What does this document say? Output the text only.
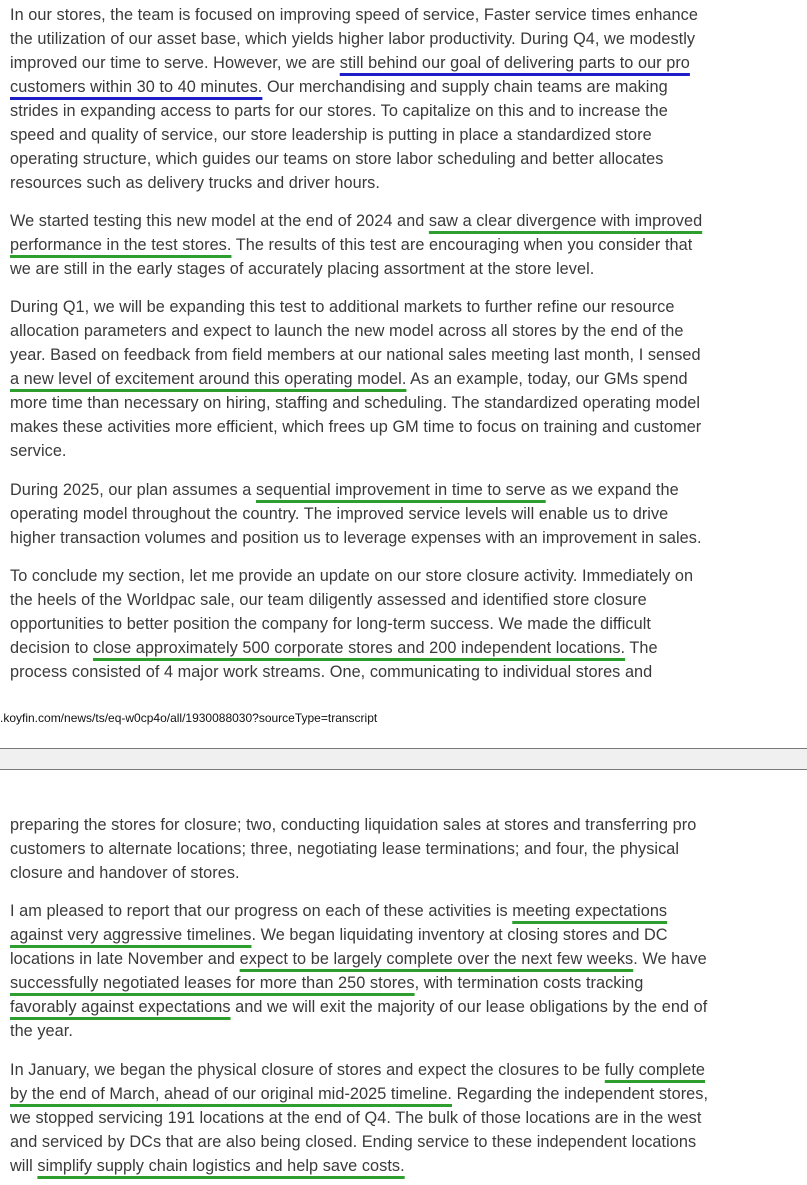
In our stores, the team is focused on improving speed of service, Faster service times enhance
the utilization of our asset base, which yields higher labor productivity. During Q4, we modestly
improved our time to serve. However, we are still behind our goal of delivering parts to our pro
customers within 30 to 40 minutes. Our merchandising and supply chain teams are making
strides in expanding access to parts for our stores. To capitalize on this and to increase the
speed and quality of service, our store leadership is putting in place a standardized store
operating structure, which guides our teams on store labor scheduling and better allocates
resources such as delivery trucks and driver hours.
We started testing this new model at the end of 2024 and saw a clear divergence with improved
performance in the test stores. The results of this test are encouraging when you consider that
we are still in the early stages of accurately placing assortment at the store level.
During Q1, we will be expanding this test to additional markets to further refine our resource
allocation parameters and expect to launch the new model across all stores by the end of the
year. Based on feedback from field members at our national sales meeting last month, I sensed
a new level of excitement around this operating model. As an example, today, our GMs spend
more time than necessary on hiring, staffing and scheduling. The standardized operating model
makes these activities more efficient, which frees up GM time to focus on training and customer
service.
During 2025, our plan assumes a sequential improvement in time to serve as we expand the
operating model throughout the country. The improved service levels will enable us to drive
higher transaction volumes and position us to leverage expenses with an improvement in sales.
To conclude my section, let me provide an update on our store closure activity. Immediately on
the heels of the Worldpac sale, our team diligently assessed and identified store closure
opportunities to better position the company for long-term success. We made the difficult
decision to close approximately 500 corporate stores and 200 independent locations. The
process consisted of 4 major work streams. One, communicating to individual stores and
.koyfin.com/news/ts/eq-w0cp4o/all/1930088030?sourceType=transcript
preparing the stores for closure; two, conducting liquidation sales at stores and transferring pro
customers to alternate locations; three, negotiating lease terminations; and four, the physical
closure and handover of stores.
I am pleased to report that our progress on each of these activities is meeting expectations
against very aggressive timelines. We began liquidating inventory at closing stores and DC
locations in late November and expect to be largely complete over the next few weeks. We have
successfully negotiated leases for more than 250 stores, with termination costs tracking
favorably against expectations and we will exit the majority of our lease obligations by the end of
the year.
In January, we began the physical closure of stores and expect the closures to be fully complete
by the end of March, ahead of our original mid-2025 timeline. Regarding the independent stores,
we stopped servicing 191 locations at the end of Q4. The bulk of those locations are in the west
and serviced by DCs that are also being closed. Ending service to these independent locations
will simplify supply chain logistics and help save costs.
